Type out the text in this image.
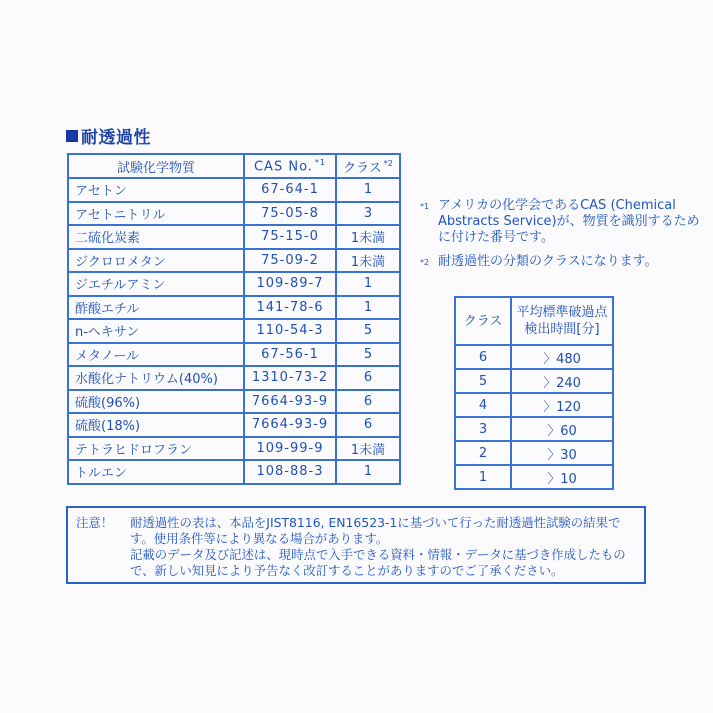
耐透過性
試験化学物質	CAS No. $^{*1}$	クラス $^{*2}$
アセトン	67-64-1	1
アセトニトリル	75-05-8	3
二硫化炭素	75-15-0	1未満
ジクロロメタン	75-09-2	1未満
ジエチルアミン	109-89-7	1
酢酸エチル	141-78-6	1
n-ヘキサン	110-54-3	5
メタノール	67-56-1	5
水酸化ナトリウム(40%)	1310-73-2	6
硫酸(96%)	7664-93-9	6
硫酸(18%)	7664-93-9	6
テトラヒドロフラン	109-99-9	1未満
トルエン	108-88-3	1
*1 アメリカの化学会であるCAS (Chemical Abstracts Service)が、物質を識別するために付けた番号です。
*2 耐透過性の分類のクラスになります。
クラス	平均標準破過点
検出時間[分]

6	〉480
5	〉240
4	〉120
3	〉60
2	〉30
1	〉10
注意！	耐透過性の表は、本品をJIST8116, EN16523-1に基づいて行った耐透過性試験の結果です。使用条件等により異なる場合があります。
記載のデータ及び記述は、現時点で入手できる資料・情報・データに基づき作成したもので、新しい知見により予告なく改訂することがありますのでご了承ください。
